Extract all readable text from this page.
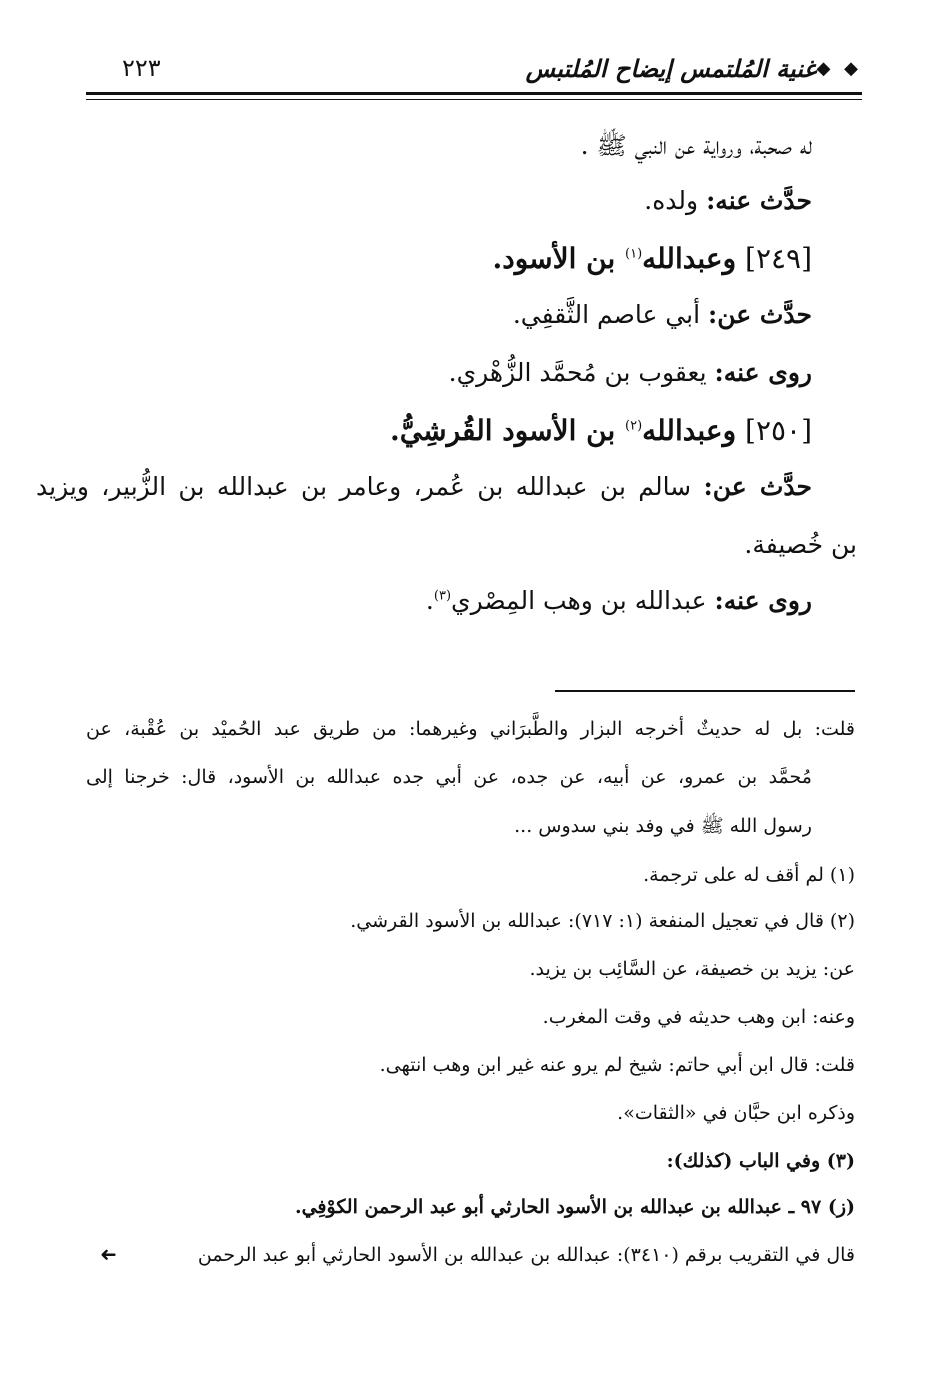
◆ ◆
غنية المُلتمس إيضاح المُلتبس
٢٢٣
له صحبة، ورواية عن النبي ﷺ .
حدَّث عنه: ولده.
[٢٤٩] وعبدالله$^{(١)}$ بن الأسود.
حدَّث عن: أبي عاصم الثَّقفِي.
روى عنه: يعقوب بن مُحمَّد الزُّهْري.
[٢٥٠] وعبدالله$^{(٢)}$ بن الأسود القُرشِيُّ.
حدَّث عن: سالم بن عبدالله بن عُمر، وعامر بن عبدالله بن الزُّبير، ويزيد
بن خُصيفة.
روى عنه: عبدالله بن وهب المِصْري$^{(٣)}$.
قلت: بل له حديثٌ أخرجه البزار والطَّبرَاني وغيرهما: من طريق عبد الحُميْد بن عُقْبة، عن
مُحمَّد بن عمرو، عن أبيه، عن جده، عن أبي جده عبدالله بن الأسود، قال: خرجنا إلى
رسول الله ﷺ في وفد بني سدوس ...
(١) لم أقف له على ترجمة.
(٢) قال في تعجيل المنفعة (١: ٧١٧): عبدالله بن الأسود القرشي.
عن: يزيد بن خصيفة، عن السَّائِب بن يزيد.
وعنه: ابن وهب حديثه في وقت المغرب.
قلت: قال ابن أبي حاتم: شيخ لم يرو عنه غير ابن وهب انتهى.
وذكره ابن حبَّان في «الثقات».
(٣) وفي الباب (كذلك):
(ز) ٩٧ ـ عبدالله بن عبدالله بن الأسود الحارثي أبو عبد الرحمن الكوْفِي.
قال في التقريب برقم (٣٤١٠): عبدالله بن عبدالله بن الأسود الحارثي أبو عبد الرحمن
➜
